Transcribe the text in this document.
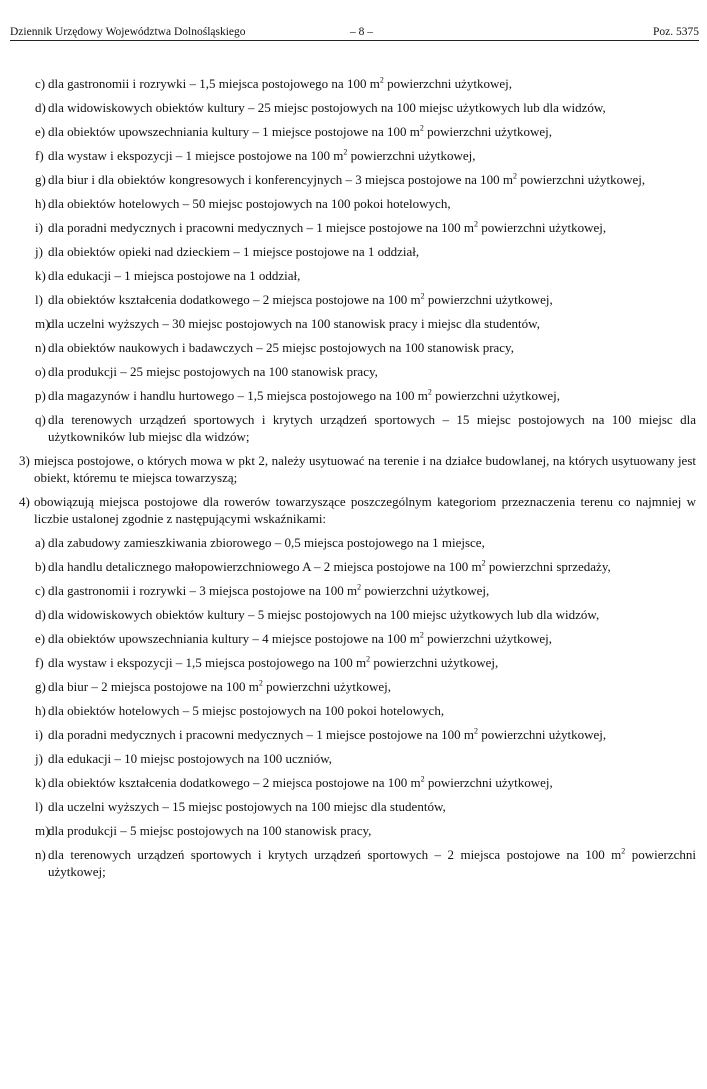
Dziennik Urzędowy Województwa Dolnośląskiego	– 8 –	Poz. 5375
c) dla gastronomii i rozrywki – 1,5 miejsca postojowego na 100 $m^2$ powierzchni użytkowej,
d) dla widowiskowych obiektów kultury – 25 miejsc postojowych na 100 miejsc użytkowych lub dla widzów,
e) dla obiektów upowszechniania kultury – 1 miejsce postojowe na 100 $m^2$ powierzchni użytkowej,
f) dla wystaw i ekspozycji – 1 miejsce postojowe na 100 $m^2$ powierzchni użytkowej,
g) dla biur i dla obiektów kongresowych i konferencyjnych – 3 miejsca postojowe na 100 $m^2$ powierzchni użytkowej,
h) dla obiektów hotelowych – 50 miejsc postojowych na 100 pokoi hotelowych,
i) dla poradni medycznych i pracowni medycznych – 1 miejsce postojowe na 100 $m^2$ powierzchni użytkowej,
j) dla obiektów opieki nad dzieckiem – 1 miejsce postojowe na 1 oddział,
k) dla edukacji – 1 miejsca postojowe na 1 oddział,
l) dla obiektów kształcenia dodatkowego – 2 miejsca postojowe na 100 $m^2$ powierzchni użytkowej,
m)
dla uczelni wyższych – 30 miejsc postojowych na 100 stanowisk pracy i miejsc dla studentów,
n) dla obiektów naukowych i badawczych – 25 miejsc postojowych na 100 stanowisk pracy,
o) dla produkcji – 25 miejsc postojowych na 100 stanowisk pracy,
p) dla magazynów i handlu hurtowego – 1,5 miejsca postojowego na 100 $m^2$ powierzchni użytkowej,
q) dla terenowych urządzeń sportowych i krytych urządzeń sportowych – 15 miejsc postojowych na 100 miejsc dla użytkowników lub miejsc dla widzów;
3) miejsca postojowe, o których mowa w pkt 2, należy usytuować na terenie i na działce budowlanej, na których usytuowany jest obiekt, któremu te miejsca towarzyszą;
4) obowiązują miejsca postojowe dla rowerów towarzyszące poszczególnym kategoriom przeznaczenia terenu co najmniej w liczbie ustalonej zgodnie z następującymi wskaźnikami:
a) dla zabudowy zamieszkiwania zbiorowego – 0,5 miejsca postojowego na 1 miejsce,
b) dla handlu detalicznego małopowierzchniowego A – 2 miejsca postojowe na 100 $m^2$ powierzchni sprzedaży,
c) dla gastronomii i rozrywki – 3 miejsca postojowe na 100 $m^2$ powierzchni użytkowej,
d) dla widowiskowych obiektów kultury – 5 miejsc postojowych na 100 miejsc użytkowych lub dla widzów,
e) dla obiektów upowszechniania kultury – 4 miejsce postojowe na 100 $m^2$ powierzchni użytkowej,
f) dla wystaw i ekspozycji – 1,5 miejsca postojowego na 100 $m^2$ powierzchni użytkowej,
g) dla biur – 2 miejsca postojowe na 100 $m^2$ powierzchni użytkowej,
h) dla obiektów hotelowych – 5 miejsc postojowych na 100 pokoi hotelowych,
i) dla poradni medycznych i pracowni medycznych – 1 miejsce postojowe na 100 $m^2$ powierzchni użytkowej,
j) dla edukacji – 10 miejsc postojowych na 100 uczniów,
k) dla obiektów kształcenia dodatkowego – 2 miejsca postojowe na 100 $m^2$ powierzchni użytkowej,
l) dla uczelni wyższych – 15 miejsc postojowych na 100 miejsc dla studentów,
m)
dla produkcji – 5 miejsc postojowych na 100 stanowisk pracy,
n) dla terenowych urządzeń sportowych i krytych urządzeń sportowych – 2 miejsca postojowe na 100 $m^2$ powierzchni użytkowej;
